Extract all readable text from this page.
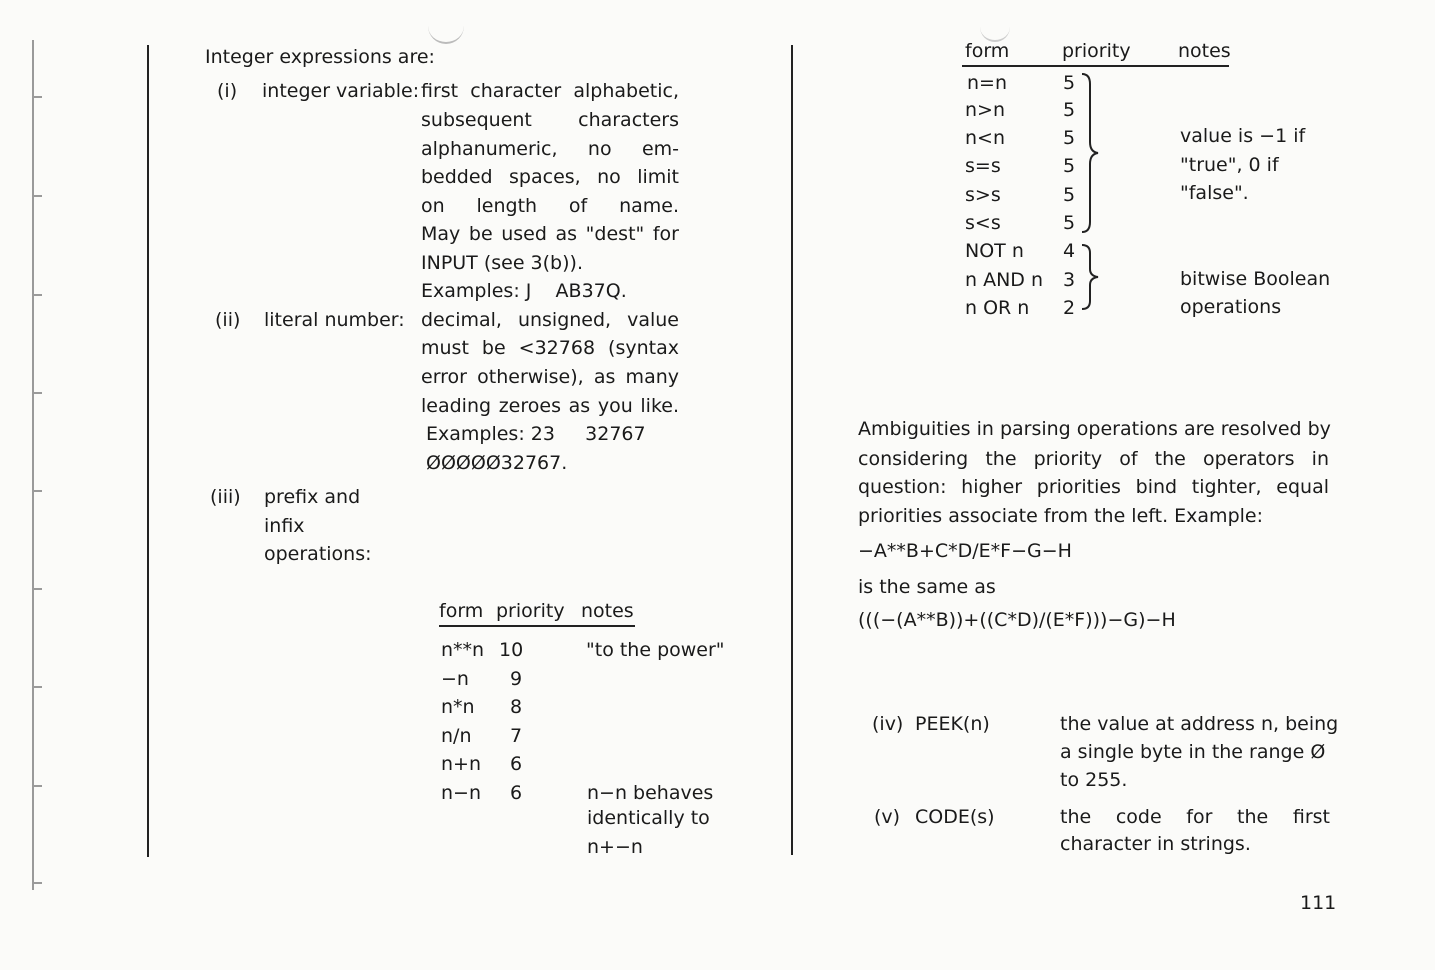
Integer expressions are:
(i) integer variable: first character alphabetic,
subsequent characters
alphanumeric, no em-
bedded spaces, no limit
on length of name.
May be used as "dest" for
INPUT (see 3(b)).
Examples: J    AB37Q.
(ii) literal number: decimal, unsigned, value
must be <32768 (syntax
error otherwise), as many
leading zeroes as you like.
Examples: 23     32767
ØØØØØ32767.
(iii) prefix and
infix
operations:
form priority notes
n**n 10	"to the power"
−n 9
n*n 8
n/n 7
n+n 6
n−n 6	n−n behaves
identically to
n+−n
form	priority notes
n=n	5
n>n	5
n<n	5
s=s	5
s>s	5
s<s	5
NOT n 4
n AND n 3
n OR n 2
value is −1 if
"true", 0 if
"false".
bitwise Boolean
operations
Ambiguities in parsing operations are resolved by
considering the priority of the operators in
question: higher priorities bind tighter, equal
priorities associate from the left. Example:
−A**B+C*D/E*F−G−H
is the same as
(((−(A**B))+((C*D)/(E*F)))−G)−H
(iv) PEEK(n)	the value at address n, being
a single byte in the range Ø
to 255.
(v) CODE(s)	the code for the first
character in strings.
111
